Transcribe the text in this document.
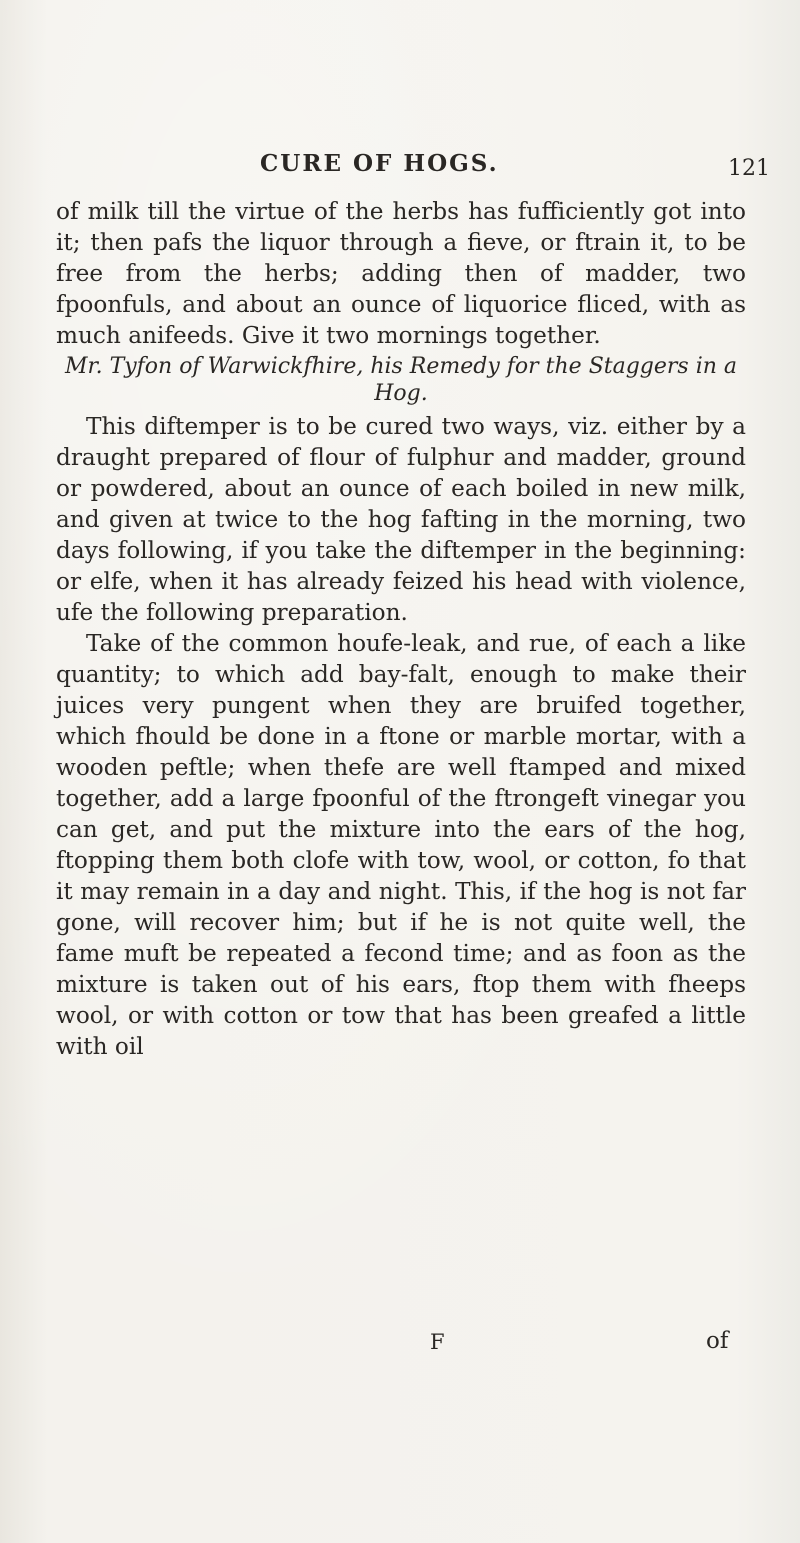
CURE OF HOGS.	121

of milk till the virtue of the herbs has fufficiently got into it; then pafs the liquor through a fieve, or ftrain it, to be free from the herbs; adding then of madder, two fpoonfuls, and about an ounce of liquorice fliced, with as much anifeeds. Give it two mornings together.

Mr. Tyfon of Warwickfhire, his Remedy for the Staggers in a Hog.

This diftemper is to be cured two ways, viz. either by a draught prepared of flour of fulphur and madder, ground or powdered, about an ounce of each boiled in new milk, and given at twice to the hog fafting in the morning, two days following, if you take the diftemper in the beginning: or elfe, when it has already feized his head with violence, ufe the following preparation.

Take of the common houfe-leak, and rue, of each a like quantity; to which add bay-falt, enough to make their juices very pungent when they are bruifed together, which fhould be done in a ftone or marble mortar, with a wooden peftle; when thefe are well ftamped and mixed together, add a large fpoonful of the ftrongeft vinegar you can get, and put the mixture into the ears of the hog, ftopping them both clofe with tow, wool, or cotton, fo that it may remain in a day and night. This, if the hog is not far gone, will recover him; but if he is not quite well, the fame muft be repeated a fecond time; and as foon as the mixture is taken out of his ears, ftop them with fheeps wool, or with cotton or tow that has been greafed a little with oil

F	of
